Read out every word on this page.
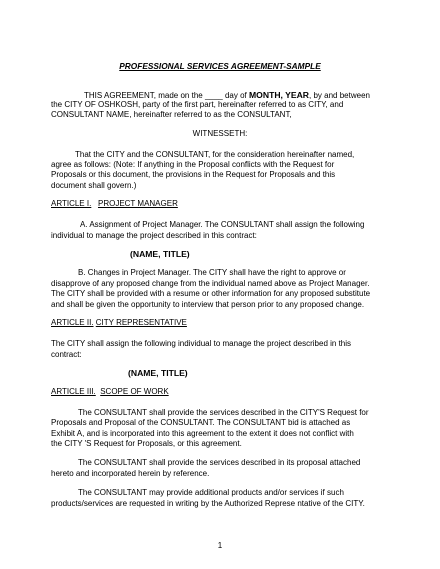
PROFESSIONAL SERVICES AGREEMENT-SAMPLE
THIS AGREEMENT, made on the ____ day of MONTH, YEAR, by and between
the CITY OF OSHKOSH, party of the first part, hereinafter referred to as CITY, and
CONSULTANT NAME, hereinafter referred to as the CONSULTANT,
WITNESSETH:
That the CITY and the CONSULTANT, for the consideration hereinafter named,
agree as follows: (Note: If anything in the Proposal conflicts with the Request for
Proposals or this document, the provisions in the Request for Proposals and this
document shall govern.)
ARTICLE I. PROJECT MANAGER
A. Assignment of Project Manager. The CONSULTANT shall assign the following
individual to manage the project described in this contract:
(NAME, TITLE)
B. Changes in Project Manager. The CITY shall have the right to approve or
disapprove of any proposed change from the individual named above as Project Manager.
The CITY shall be provided with a resume or other information for any proposed substitute
and shall be given the opportunity to interview that person prior to any proposed change.
ARTICLE II. CITY REPRESENTATIVE
The CITY shall assign the following individual to manage the project described in this
contract:
(NAME, TITLE)
ARTICLE III. SCOPE OF WORK
The CONSULTANT shall provide the services described in the CITY'S Request for
Proposals and Proposal of the CONSULTANT. The CONSULTANT bid is attached as
Exhibit A, and is incorporated into this agreement to the extent it does not conflict with
the CITY 'S Request for Proposals, or this agreement.
The CONSULTANT shall provide the services described in its proposal attached
hereto and incorporated herein by reference.
The CONSULTANT may provide additional products and/or services if such
products/services are requested in writing by the Authorized Represe ntative of the CITY.
1
